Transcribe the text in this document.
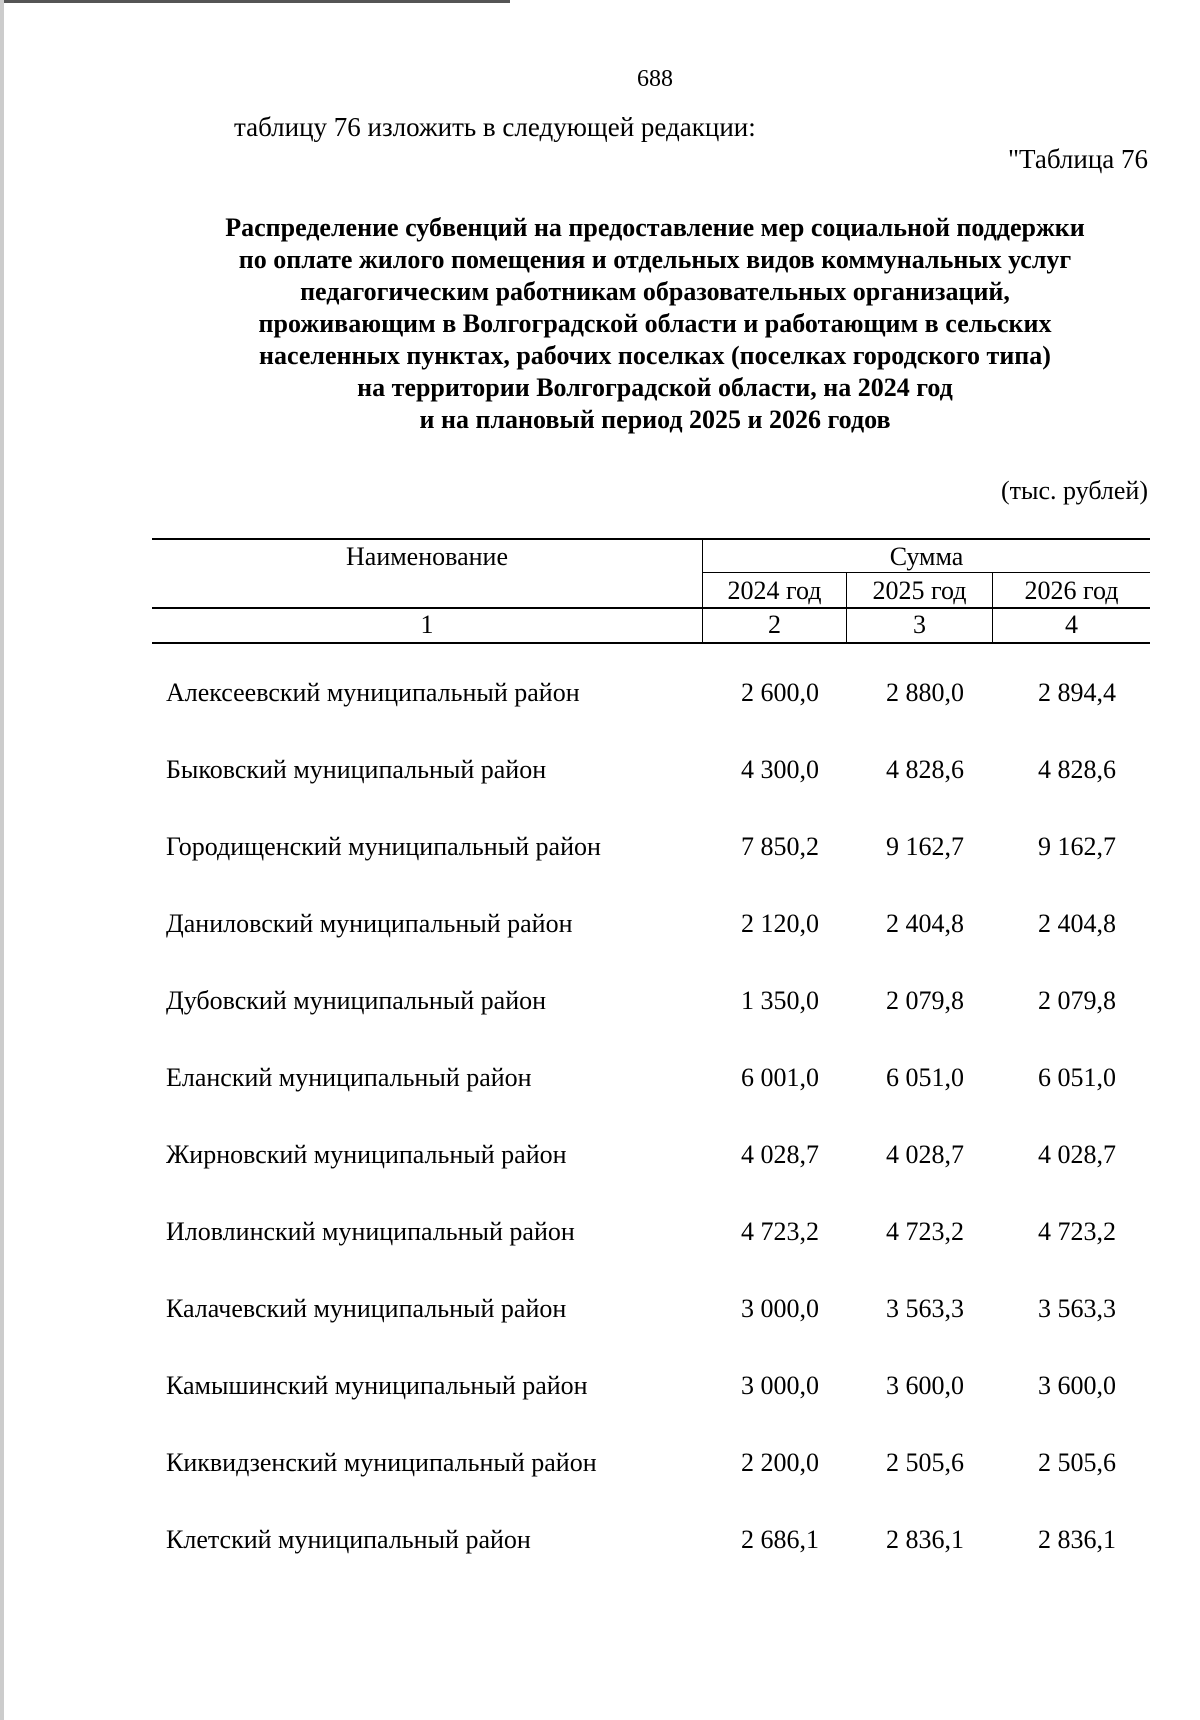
688
таблицу 76 изложить в следующей редакции:
"Таблица 76
Распределение субвенций на предоставление мер социальной поддержки
по оплате жилого помещения и отдельных видов коммунальных услуг
педагогическим работникам образовательных организаций,
проживающим в Волгоградской области и работающим в сельских
населенных пунктах, рабочих поселках (поселках городского типа)
на территории Волгоградской области, на 2024 год
и на плановый период 2025 и 2026 годов
(тыс. рублей)
Наименование	Сумма
2024 год	2025 год	2026 год
1	2	3	4
Алексеевский муниципальный район	2 600,0	2 880,0	2 894,4
Быковский муниципальный район	4 300,0	4 828,6	4 828,6
Городищенский муниципальный район	7 850,2	9 162,7	9 162,7
Даниловский муниципальный район	2 120,0	2 404,8	2 404,8
Дубовский муниципальный район	1 350,0	2 079,8	2 079,8
Еланский муниципальный район	6 001,0	6 051,0	6 051,0
Жирновский муниципальный район	4 028,7	4 028,7	4 028,7
Иловлинский муниципальный район	4 723,2	4 723,2	4 723,2
Калачевский муниципальный район	3 000,0	3 563,3	3 563,3
Камышинский муниципальный район	3 000,0	3 600,0	3 600,0
Киквидзенский муниципальный район	2 200,0	2 505,6	2 505,6
Клетский муниципальный район	2 686,1	2 836,1	2 836,1
